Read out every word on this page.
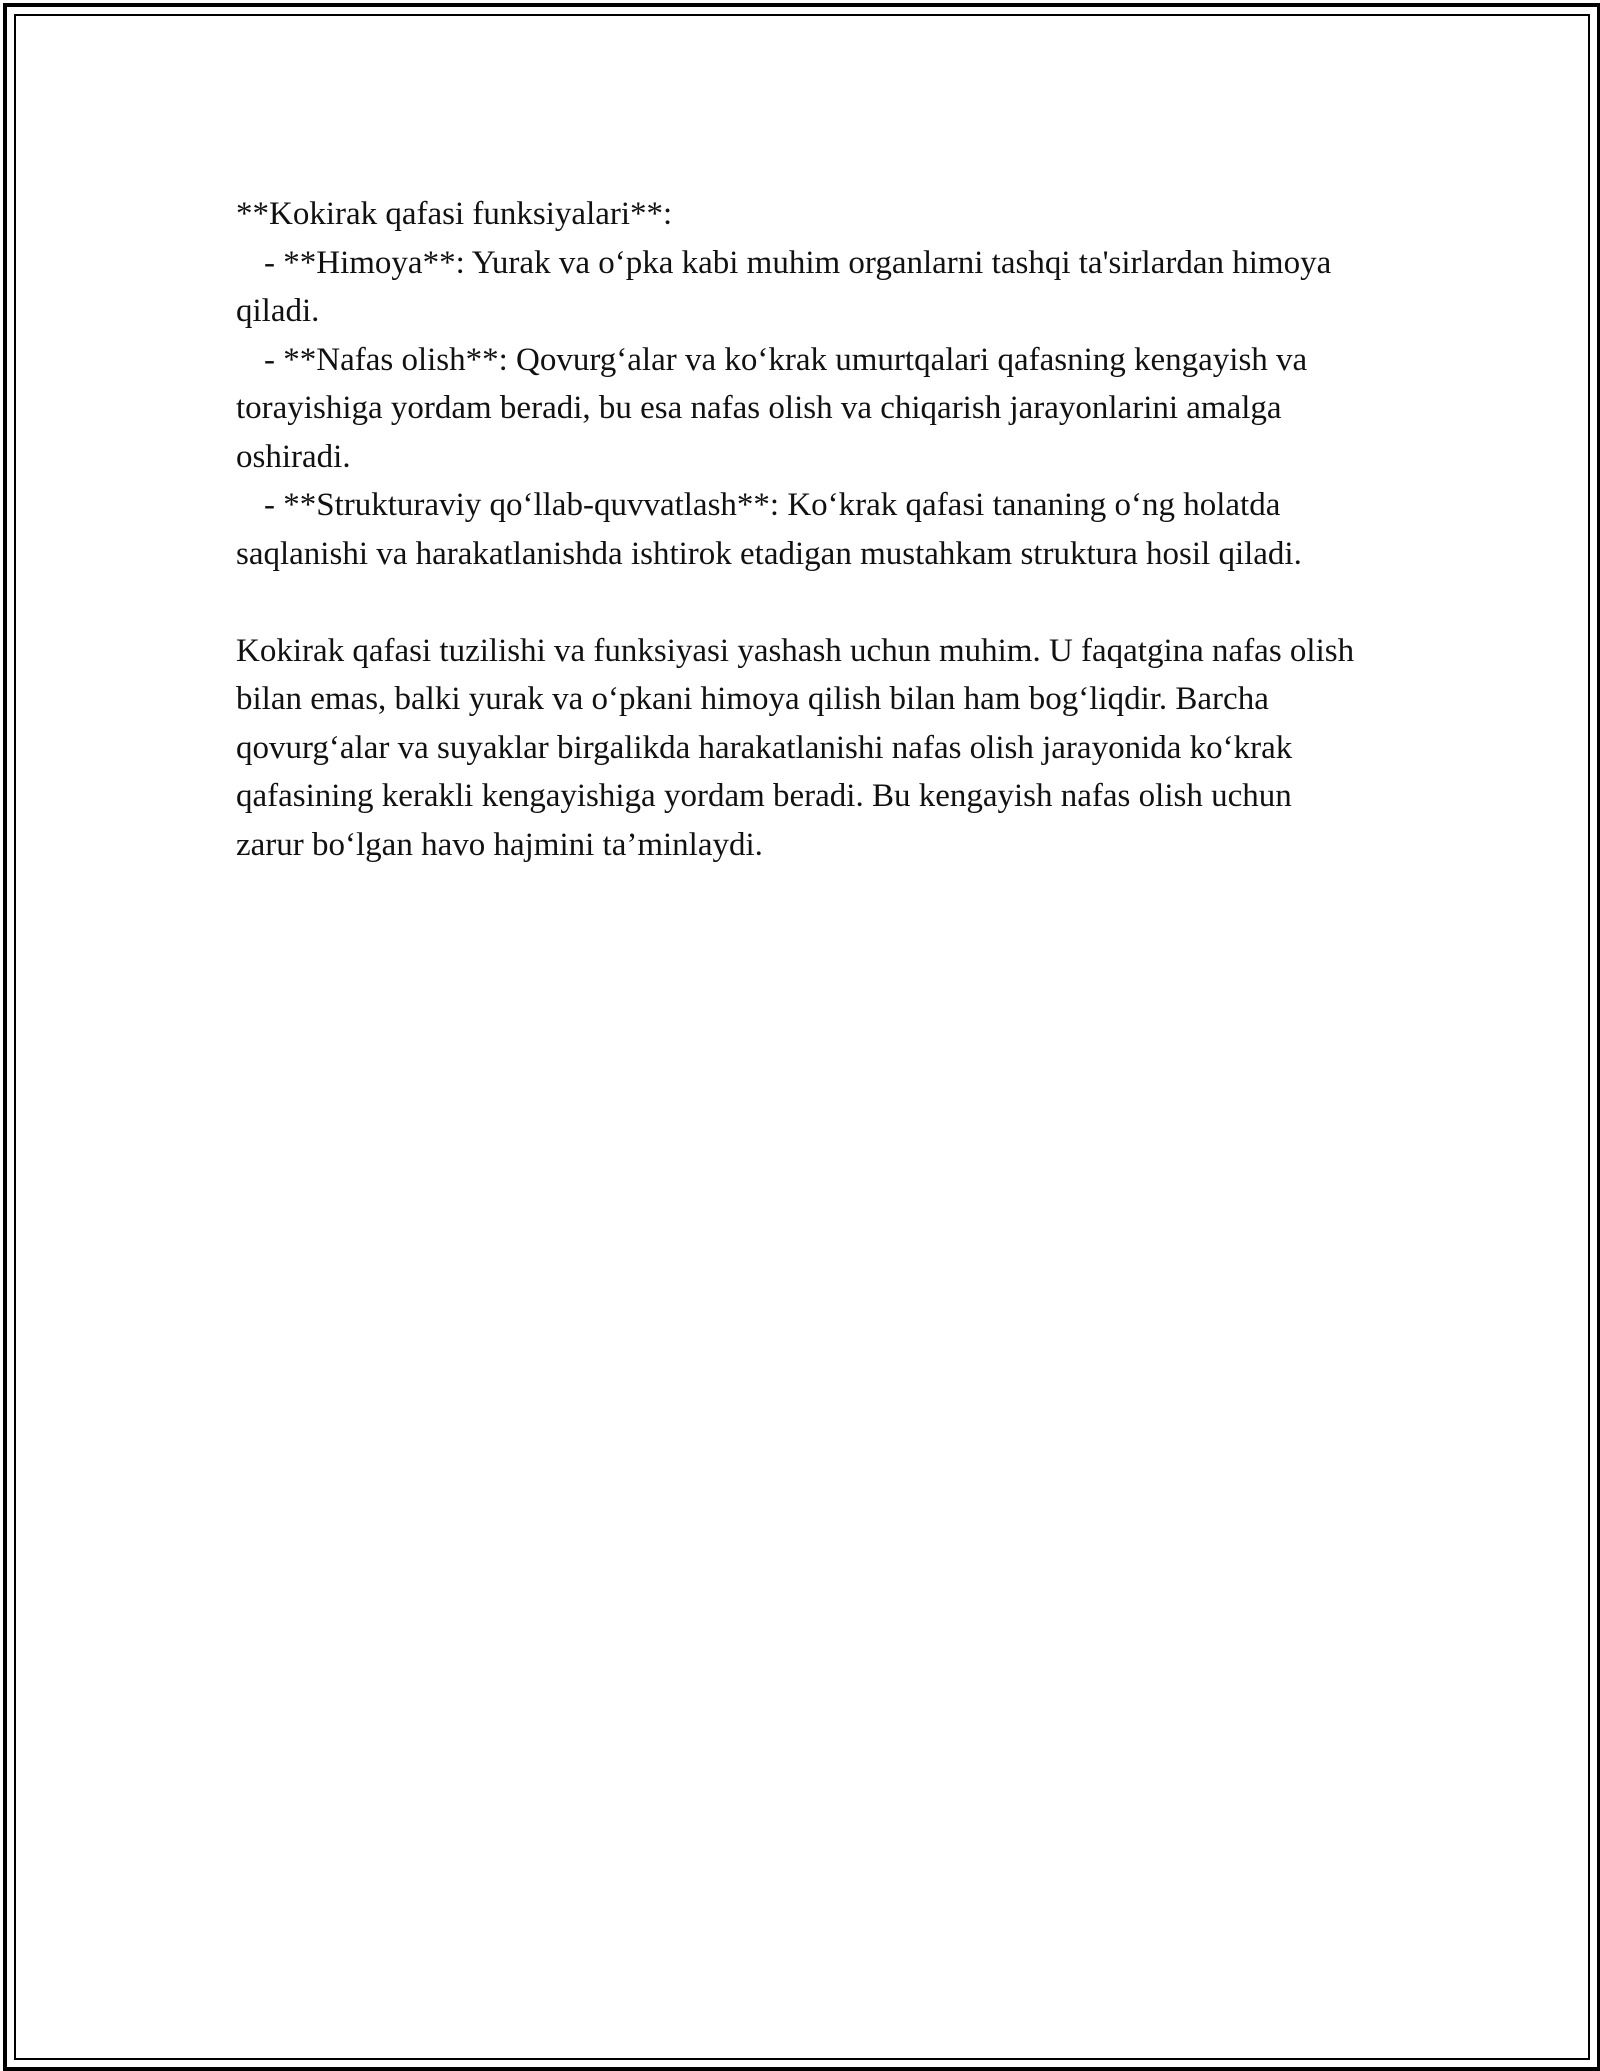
**Kokirak qafasi funksiyalari**:

- **Himoya**: Yurak va o‘pka kabi muhim organlarni tashqi ta'sirlardan himoya qiladi.

- **Nafas olish**: Qovurg‘alar va ko‘krak umurtqalari qafasning kengayish va torayishiga yordam beradi, bu esa nafas olish va chiqarish jarayonlarini amalga oshiradi.

- **Strukturaviy qo‘llab-quvvatlash**: Ko‘krak qafasi tananing o‘ng holatda saqlanishi va harakatlanishda ishtirok etadigan mustahkam struktura hosil qiladi.

Kokirak qafasi tuzilishi va funksiyasi yashash uchun muhim. U faqatgina nafas olish bilan emas, balki yurak va o‘pkani himoya qilish bilan ham bog‘liqdir. Barcha qovurg‘alar va suyaklar birgalikda harakatlanishi nafas olish jarayonida ko‘krak qafasining kerakli kengayishiga yordam beradi. Bu kengayish nafas olish uchun zarur bo‘lgan havo hajmini ta’minlaydi.
